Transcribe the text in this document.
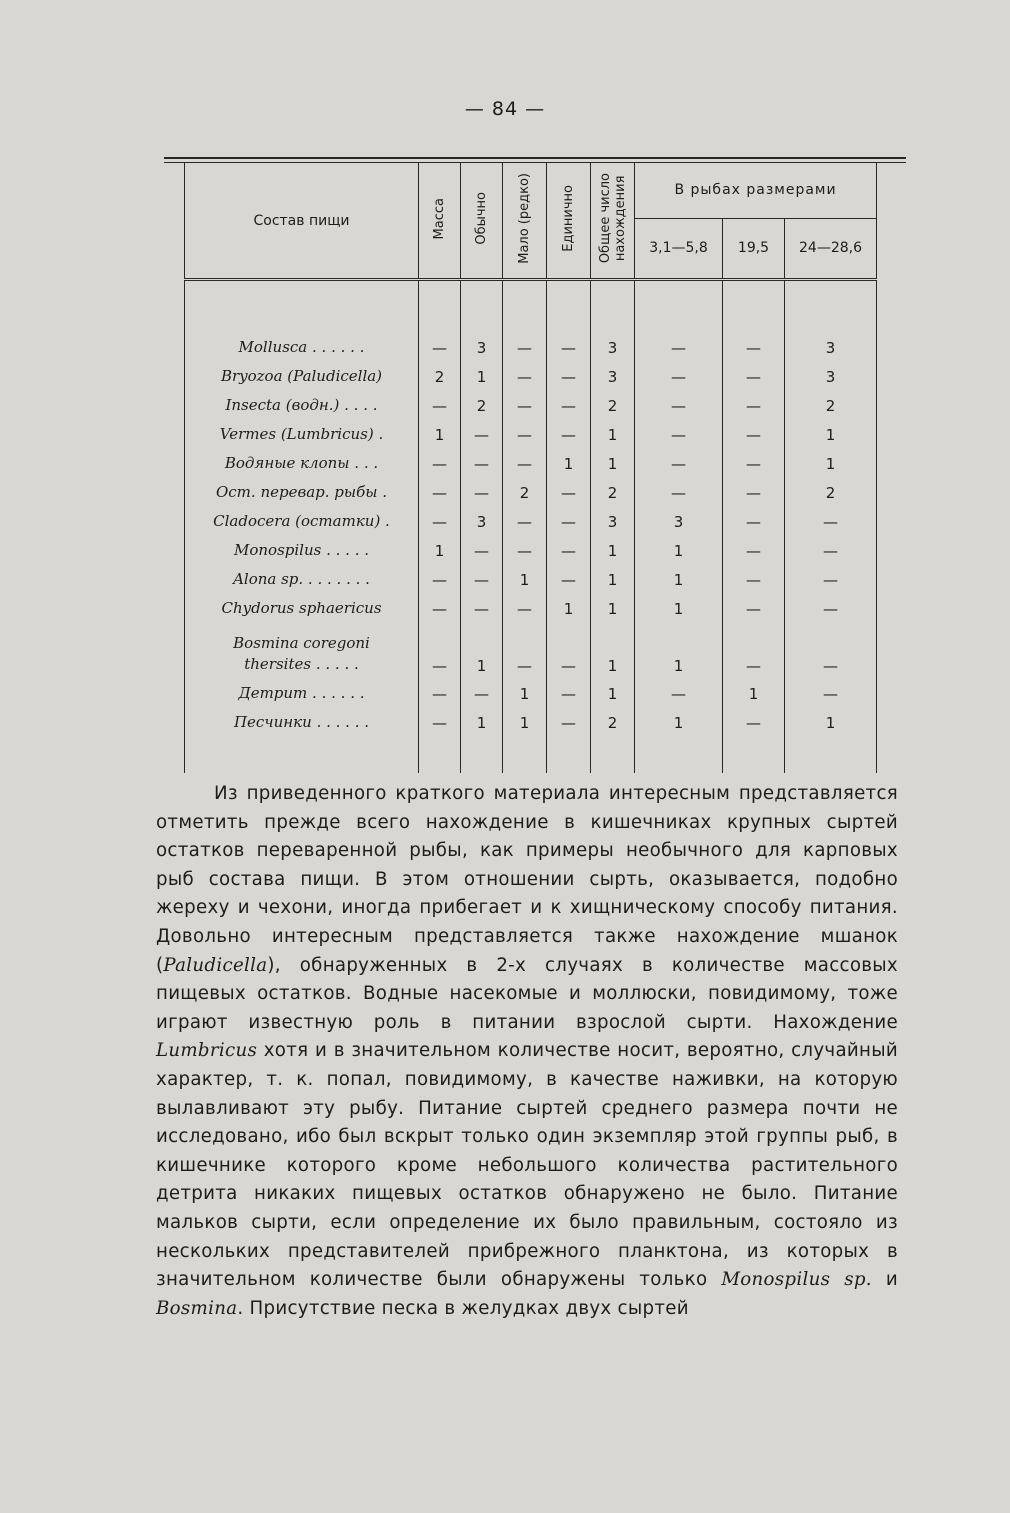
— 84 —
Состав пищи	Масса	Обычно	Мало (редко)	Единично	Общее число
нахождения	В рыбах размерами		
						3,1—5,8	19,5	24—28,6

Mollusca . . . . . .	—	3	—	—	3	—	—	3
Bryozoa (Paludicella)	2	1	—	—	3	—	—	3
Insecta (водн.) . . . .	—	2	—	—	2	—	—	2
Vermes (Lumbricus) .	1	—	—	—	1	—	—	1
Водяные клопы . . .	—	—	—	1	1	—	—	1
Ост. перевар. рыбы .	—	—	2	—	2	—	—	2
Cladocera (остатки) .	—	3	—	—	3	3	—	—
Monospilus . . . . .	1	—	—	—	1	1	—	—
Alona sp. . . . . . . .	—	—	1	—	1	1	—	—
Chydorus sphaericus	—	—	—	1	1	1	—	—
Bosmina coregoni
thersites . . . . .	—	1	—	—	1	1	—	—
Детрит . . . . . .	—	—	1	—	1	—	1	—
Песчинки . . . . . .	—	1	1	—	2	1	—	1

Из приведенного краткого материала интересным представляется отметить прежде всего нахождение в кишечниках крупных сыртей остатков переваренной рыбы, как примеры необычного для карповых рыб состава пищи. В этом отношении сырть, оказывается, подобно жереху и чехони, иногда прибегает и к хищническому способу питания. Довольно интересным представляется также нахождение мшанок (Paludicella), обнаруженных в 2-х случаях в количестве массовых пищевых остатков. Водные насекомые и моллюски, повидимому, тоже играют известную роль в питании взрослой сырти. Нахождение Lumbricus хотя и в значительном количестве носит, вероятно, случайный характер, т. к. попал, повидимому, в качестве наживки, на которую вылавливают эту рыбу. Питание сыртей среднего размера почти не исследовано, ибо был вскрыт только один экземпляр этой группы рыб, в кишечнике которого кроме небольшого количества растительного детрита никаких пищевых остатков обнаружено не было. Питание мальков сырти, если определение их было правильным, состояло из нескольких представителей прибрежного планктона, из которых в значительном количестве были обнаружены только Monospilus sp. и Bosmina. Присутствие песка в желудках двух сыртей
